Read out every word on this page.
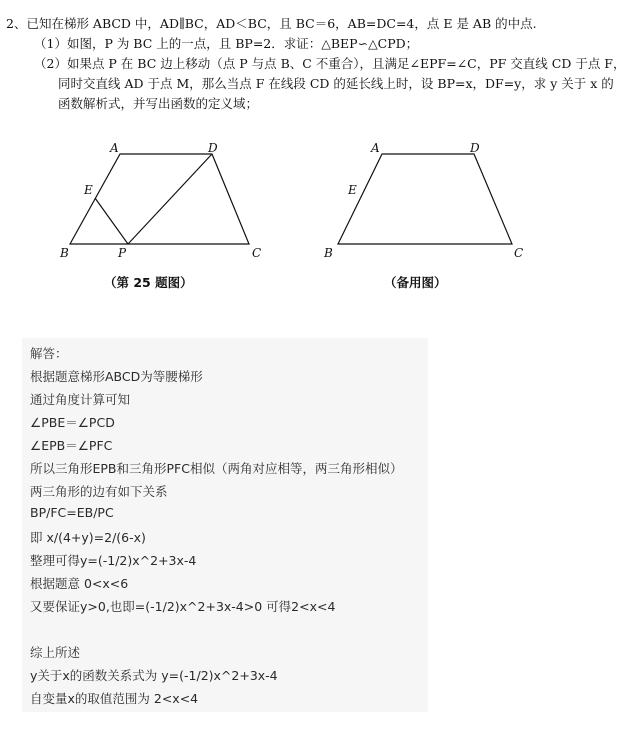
2、已知在梯形 ABCD 中，AD∥BC，AD＜BC，且 BC＝6，AB=DC=4，点 E 是 AB 的中点.
（1）如图，P 为 BC 上的一点，且 BP=2．求证：△BEP∽△CPD；
（2）如果点 P 在 BC 边上移动（点 P 与点 B、C 不重合），且满足∠EPF=∠C，PF 交直线 CD 于点 F，
同时交直线 AD 于点 M，那么当点 F 在线段 CD 的延长线上时，设 BP=x，DF=y，求 y 关于 x 的
函数解析式，并写出函数的定义域；
A	D
E
B	P	C
（第 25 题图）
A	D
E
B	C
（备用图）
解答：
根据题意梯形ABCD为等腰梯形
通过角度计算可知
∠PBE＝∠PCD
∠EPB＝∠PFC
所以三角形EPB和三角形PFC相似（两角对应相等，两三角形相似）
两三角形的边有如下关系
BP/FC=EB/PC
即 x/(4+y)=2/(6-x)
整理可得y=(-1/2)x^2+3x-4
根据题意 0<x<6
又要保证y>0,也即=(-1/2)x^2+3x-4>0 可得2<x<4
综上所述
y关于x的函数关系式为 y=(-1/2)x^2+3x-4
自变量x的取值范围为 2<x<4
